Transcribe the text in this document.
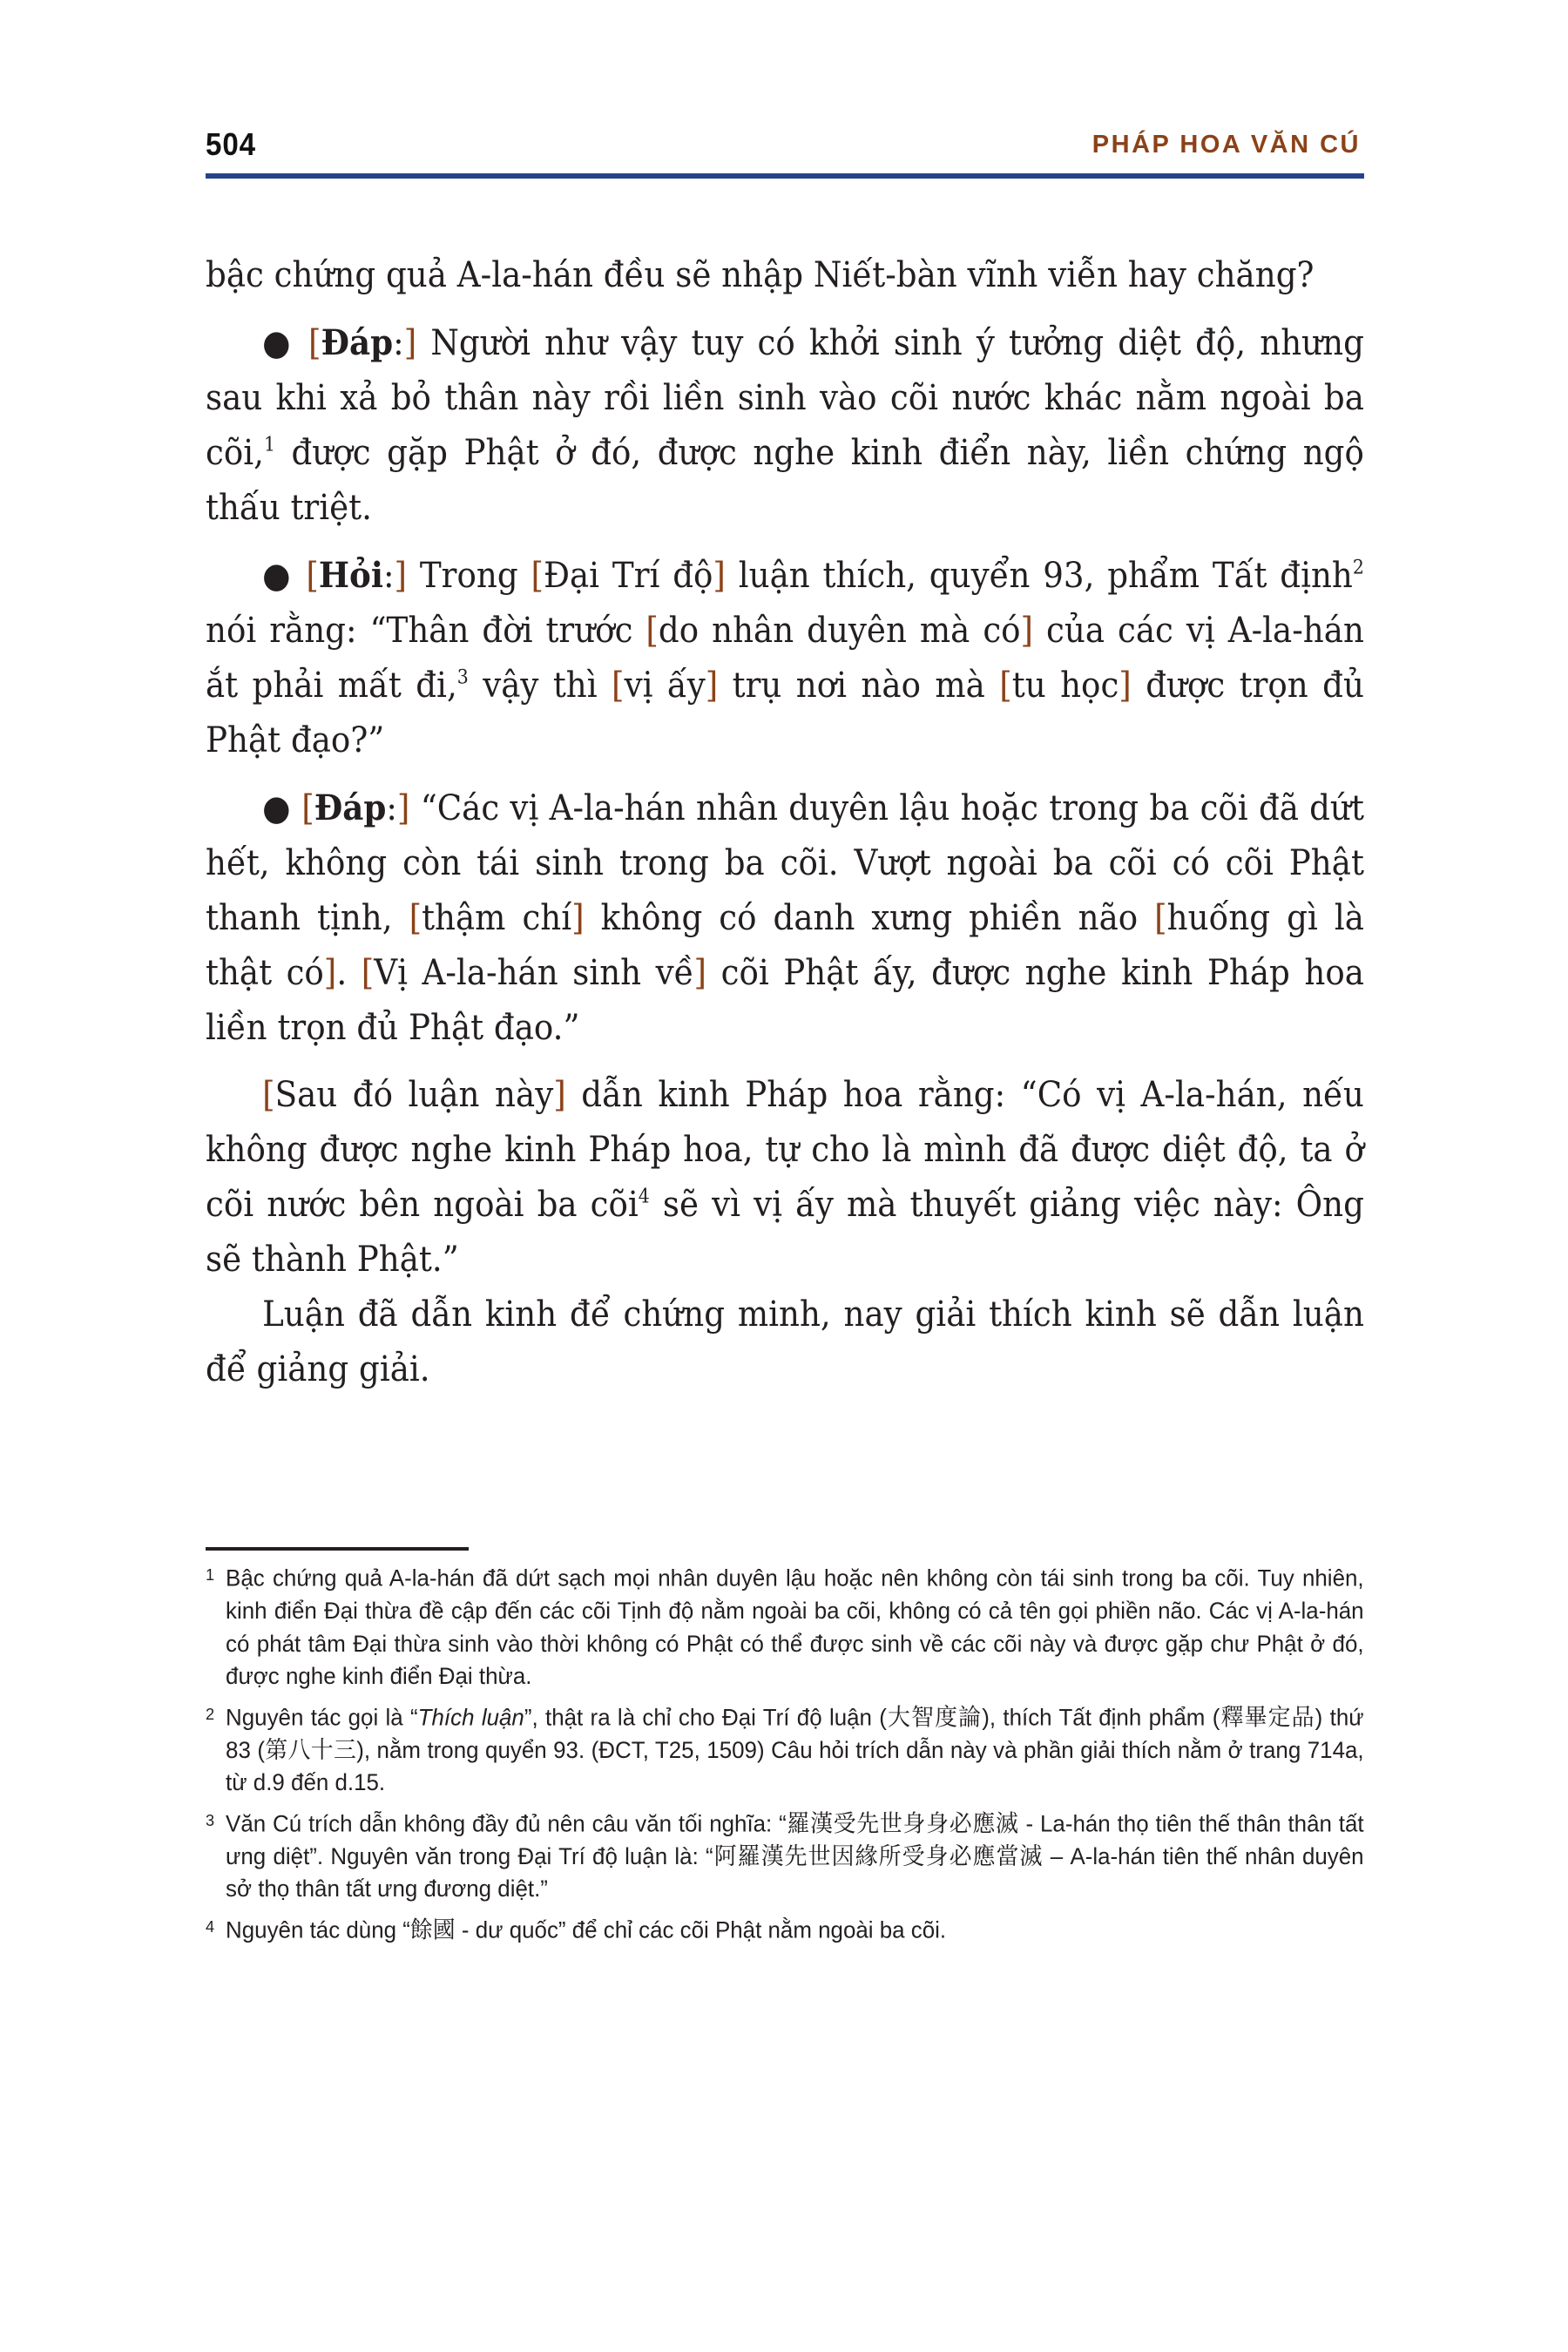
504	PHÁP HOA VĂN CÚ

bậc chứng quả A-la-hán đều sẽ nhập Niết-bàn vĩnh viễn hay chăng?

● [Đáp:] Người như vậy tuy có khởi sinh ý tưởng diệt độ, nhưng sau khi xả bỏ thân này rồi liền sinh vào cõi nước khác nằm ngoài ba cõi,$^1$ được gặp Phật ở đó, được nghe kinh điển này, liền chứng ngộ thấu triệt.

● [Hỏi:] Trong [Đại Trí độ] luận thích, quyển 93, phẩm Tất định$^2$ nói rằng: “Thân đời trước [do nhân duyên mà có] của các vị A-la-hán ắt phải mất đi,$^3$ vậy thì [vị ấy] trụ nơi nào mà [tu học] được trọn đủ Phật đạo?”

● [Đáp:] “Các vị A-la-hán nhân duyên lậu hoặc trong ba cõi đã dứt hết, không còn tái sinh trong ba cõi. Vượt ngoài ba cõi có cõi Phật thanh tịnh, [thậm chí] không có danh xưng phiền não [huống gì là thật có]. [Vị A-la-hán sinh về] cõi Phật ấy, được nghe kinh Pháp hoa liền trọn đủ Phật đạo.”

[Sau đó luận này] dẫn kinh Pháp hoa rằng: “Có vị A-la-hán, nếu không được nghe kinh Pháp hoa, tự cho là mình đã được diệt độ, ta ở cõi nước bên ngoài ba cõi$^4$ sẽ vì vị ấy mà thuyết giảng việc này: Ông sẽ thành Phật.”

Luận đã dẫn kinh để chứng minh, nay giải thích kinh sẽ dẫn luận để giảng giải.

1 Bậc chứng quả A-la-hán đã dứt sạch mọi nhân duyên lậu hoặc nên không còn tái sinh trong ba cõi. Tuy nhiên, kinh điển Đại thừa đề cập đến các cõi Tịnh độ nằm ngoài ba cõi, không có cả tên gọi phiền não. Các vị A-la-hán có phát tâm Đại thừa sinh vào thời không có Phật có thể được sinh về các cõi này và được gặp chư Phật ở đó, được nghe kinh điển Đại thừa.

2 Nguyên tác gọi là “Thích luận”, thật ra là chỉ cho Đại Trí độ luận (大智度論), thích Tất định phẩm (釋畢定品) thứ 83 (第八十三), nằm trong quyển 93. (ĐCT, T25, 1509) Câu hỏi trích dẫn này và phần giải thích nằm ở trang 714a, từ d.9 đến d.15.

3 Văn Cú trích dẫn không đầy đủ nên câu văn tối nghĩa: “羅漢受先世身身必應滅 - La-hán thọ tiên thế thân thân tất ưng diệt”. Nguyên văn trong Đại Trí độ luận là: “阿羅漢先世因緣所受身必應當滅 – A-la-hán tiên thế nhân duyên sở thọ thân tất ưng đương diệt.”

4 Nguyên tác dùng “餘國 - dư quốc” để chỉ các cõi Phật nằm ngoài ba cõi.
